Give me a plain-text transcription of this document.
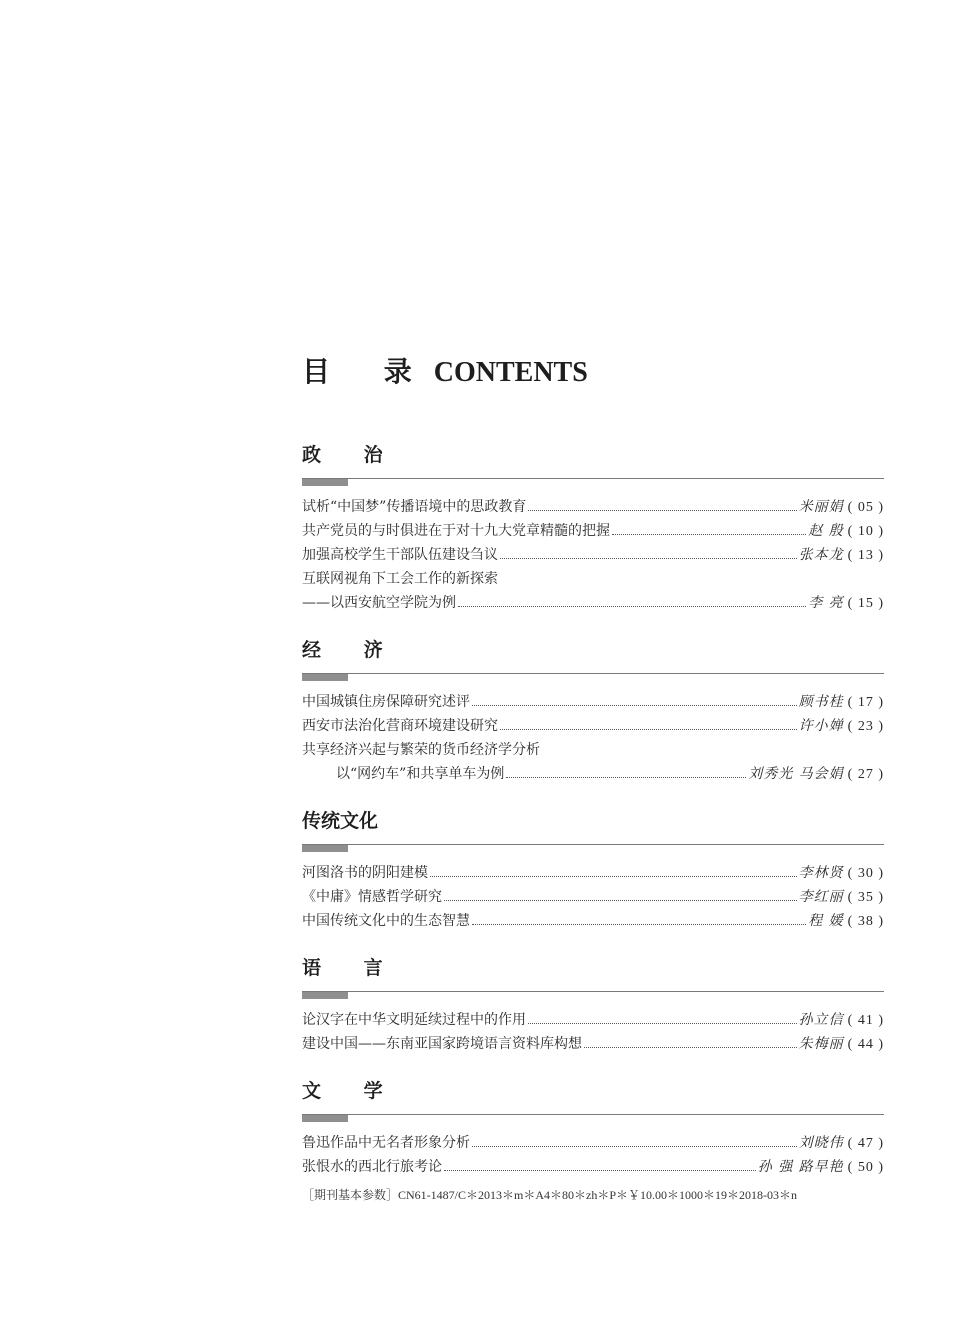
目 录CONTENTS
政 治
试析“中国梦”传播语境中的思政教育	米丽娟 ( 05 )
共产党员的与时俱进在于对十九大党章精髓的把握	赵 殷 ( 10 )
加强高校学生干部队伍建设刍议	张本龙 ( 13 )
互联网视角下工会工作的新探索
——以西安航空学院为例	李 亮 ( 15 )
经 济
中国城镇住房保障研究述评	顾书桂 ( 17 )
西安市法治化营商环境建设研究	许小婵 ( 23 )
共享经济兴起与繁荣的货币经济学分析
以“网约车”和共享单车为例	刘秀光 马会娟 ( 27 )
传统文化
河图洛书的阴阳建模	李林贤 ( 30 )
《中庸》情感哲学研究	李红丽 ( 35 )
中国传统文化中的生态智慧	程 媛 ( 38 )
语 言
论汉字在中华文明延续过程中的作用	孙立信 ( 41 )
建设中国——东南亚国家跨境语言资料库构想	朱梅丽 ( 44 )
文 学
鲁迅作品中无名者形象分析	刘晓伟 ( 47 )
张恨水的西北行旅考论	孙 强 路早艳 ( 50 )
［期刊基本参数］CN61-1487/C＊2013＊m＊A4＊80＊zh＊P＊￥10.00＊1000＊19＊2018-03＊n
